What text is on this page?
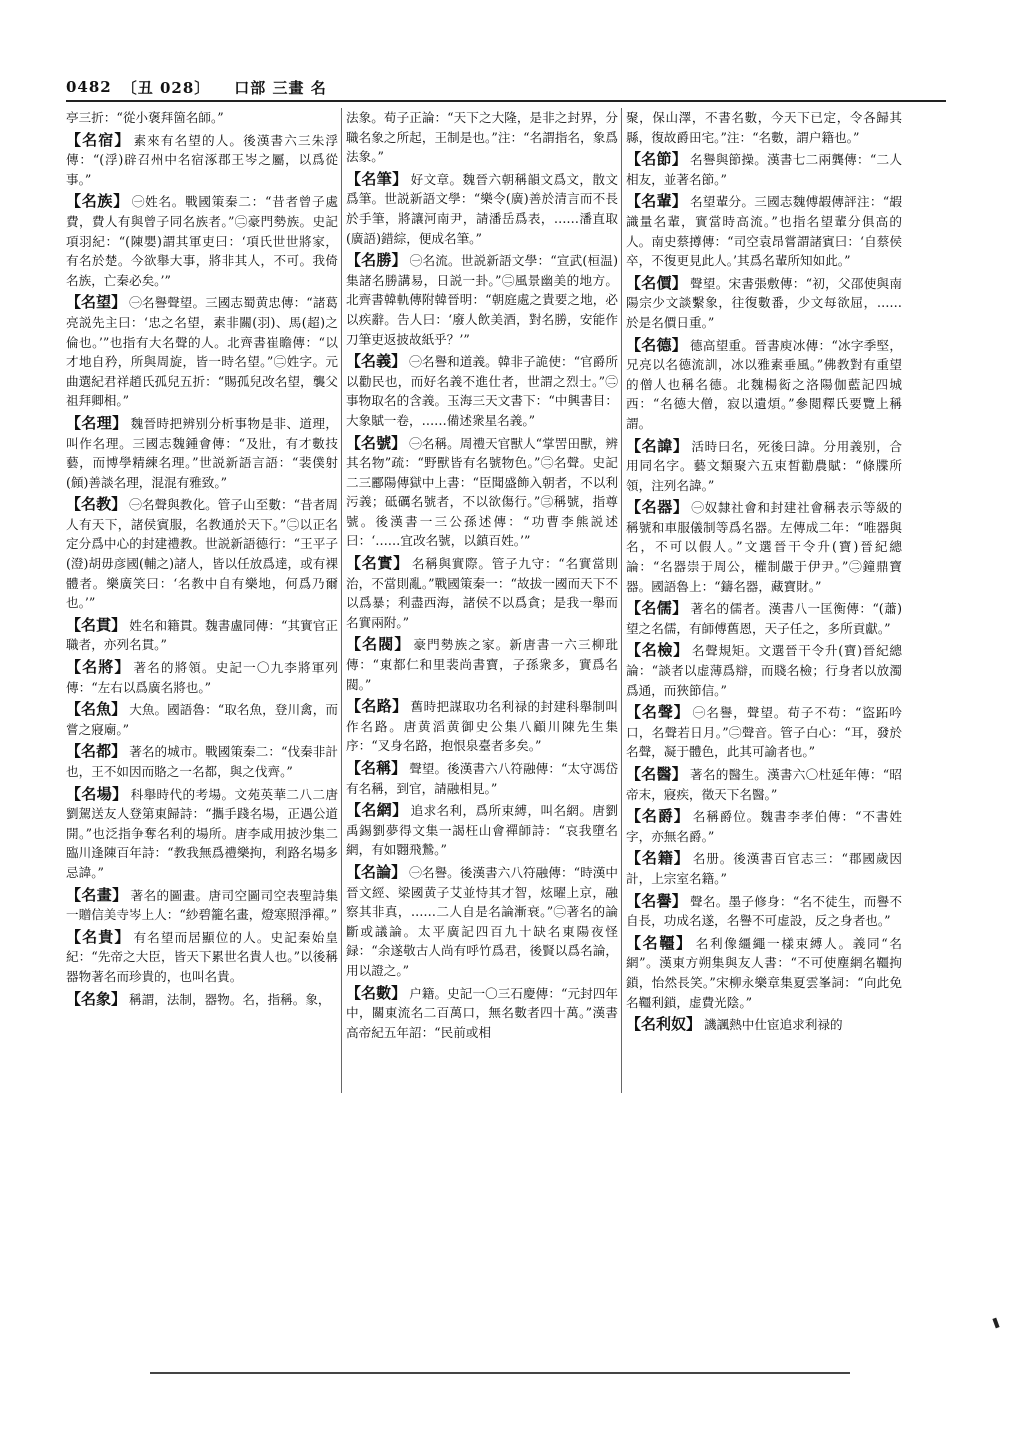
0482 〔丑 028〕 口部 三畫 名
亭三折：“從小褒拜箇名師。”
【名宿】 素來有名望的人。後漢書六三朱浮傳：“(浮)辟召州中名宿涿郡王岑之屬，以爲從事。”
【名族】 ㊀姓名。戰國策秦二：“昔者曾子處費，費人有與曾子同名族者。”㊁豪門勢族。史記項羽紀：“(陳嬰)謂其軍吏曰：‘項氏世世將家，有名於楚。今欲舉大事，將非其人，不可。我倚名族，亡秦必矣。’”
【名望】 ㊀名譽聲望。三國志蜀黄忠傳：“諸葛亮説先主曰：‘忠之名望，素非關(羽)、馬(超)之倫也。’”也指有大名聲的人。北齊書崔瞻傳：“以才地自矜，所與周旋，皆一時名望。”㊁姓字。元曲選紀君祥趙氏孤兒五折：“賜孤兒改名望，襲父祖拜卿相。”
【名理】 魏晉時把辨别分析事物是非、道理，叫作名理。三國志魏鍾會傳：“及壯，有才數技藝，而博學精練名理。”世説新語言語：“裴僕射(頠)善談名理，混混有雅致。”
【名教】 ㊀名聲與教化。管子山至數：“昔者周人有天下，諸侯賓服，名教通於天下。”㊁以正名定分爲中心的封建禮教。世説新語德行：“王平子(澄)胡毋彦國(輔之)諸人，皆以任放爲達，或有裸體者。樂廣笑曰：‘名教中自有樂地，何爲乃爾也。’”
【名貫】 姓名和籍貫。魏書盧同傳：“其實官正職者，亦列名貫。”
【名將】 著名的將領。史記一〇九李將軍列傳：“左右以爲廣名將也。”
【名魚】 大魚。國語魯：“取名魚，登川禽，而嘗之寢廟。”
【名都】 著名的城市。戰國策秦二：“伐秦非計也，王不如因而賂之一名都，與之伐齊。”
【名場】 科舉時代的考場。文苑英華二八二唐劉駕送友人登第東歸詩：“攜手踐名場，正遇公道開。”也泛指争奪名利的場所。唐李咸用披沙集二臨川逢陳百年詩：“教我無爲禮樂拘，利路名場多忌諱。”
【名畫】 著名的圖畫。唐司空圖司空表聖詩集一贈信美寺岑上人：“紗碧籠名畫，燈寒照淨禪。”
【名貴】 有名望而居顯位的人。史記秦始皇紀：“先帝之大臣，皆天下累世名貴人也。”以後稱器物著名而珍貴的，也叫名貴。
【名象】 稱謂，法制，器物。名，指稱。象，
法象。荀子正論：“天下之大隆，是非之封界，分職名象之所起，王制是也。”注：“名謂指名，象爲法象。”
【名筆】 好文章。魏晉六朝稱韻文爲文，散文爲筆。世説新語文學：“樂令(廣)善於清言而不長於手筆，將讓河南尹，請潘岳爲表，……潘直取(廣語)錯綜，便成名筆。”
【名勝】 ㊀名流。世説新語文學：“宣武(桓温)集諸名勝講易，日説一卦。”㊁風景幽美的地方。北齊書韓軌傳附韓晉明：“朝庭處之貴要之地，必以疾辭。告人曰：‘廢人飲美酒，對名勝，安能作刀筆吏返披故紙乎？’”
【名義】 ㊀名譽和道義。韓非子詭使：“官爵所以勸民也，而好名義不進仕者，世謂之烈士。”㊁事物取名的含義。玉海三天文書下：“中興書目：大象賦一卷，……備述衆星名義。”
【名號】 ㊀名稱。周禮天官獸人“掌罟田獸，辨其名物”疏：“野獸皆有名號物色。”㊁名聲。史記二三酈陽傳獄中上書：“臣聞盛飾入朝者，不以利污義；砥礪名號者，不以欲傷行。”㊂稱號，指尊號。後漢書一三公孫述傳：“功曹李熊説述曰：‘……宜改名號，以鎮百姓。’”
【名實】 名稱與實際。管子九守：“名實當則治，不當則亂。”戰國策秦一：“故拔一國而天下不以爲暴；利盡西海，諸侯不以爲貪；是我一舉而名實兩附。”
【名閥】 豪門勢族之家。新唐書一六三柳玭傳：“東都仁和里裴尚書寶，子孫衆多，實爲名閥。”
【名路】 舊時把謀取功名利禄的封建科舉制叫作名路。唐黄滔黄御史公集八顧川陳先生集序：“叉身名路，抱恨泉臺者多矣。”
【名稱】 聲望。後漢書六八符融傳：“太守馮岱有名稱，到官，請融相見。”
【名網】 追求名利，爲所束縛，叫名網。唐劉禹錫劉夢得文集一謁枉山會禪師詩：“哀我墮名網，有如翾飛鷙。”
【名論】 ㊀名譽。後漢書六八符融傳：“時漢中晉文經、梁國黄子艾並恃其才智，炫曜上京，融察其非真，……二人自是名論漸衰。”㊁著名的論斷或議論。太平廣記四百九十缺名東陽夜怪録：“余遂敬古人尚有呼竹爲君，後賢以爲名論，用以證之。”
【名數】 户籍。史記一〇三石慶傳：“元封四年中，關東流名二百萬口，無名數者四十萬。”漢書高帝紀五年詔：“民前或相
聚，保山澤，不書名數，今天下已定，令各歸其縣，復故爵田宅。”注：“名數，謂户籍也。”
【名節】 名譽與節操。漢書七二兩龔傳：“二人相友，並著名節。”
【名輩】 名望輩分。三國志魏傅嘏傳評注：“嘏識量名輩，實當時高流。”也指名望輩分俱高的人。南史蔡撙傳：“司空袁昂嘗謂諸賓曰：‘自蔡侯卒，不復更見此人。’其爲名輩所知如此。”
【名價】 聲望。宋書張敷傳：“初，父邵使與南陽宗少文談繫象，往復數番，少文每欲屈，……於是名價日重。”
【名德】 德高望重。晉書庾冰傳：“冰字季堅，兄亮以名德流訓，冰以雅素垂風。”佛教對有重望的僧人也稱名德。北魏楊衒之洛陽伽藍記四城西：“名德大僧，寂以遺煩。”參閲釋氏要覽上稱謂。
【名諱】 活時曰名，死後曰諱。分用義别，合用同名字。藝文類聚六五束皙勸農賦：“條牒所領，注列名諱。”
【名器】 ㊀奴隸社會和封建社會稱表示等級的稱號和車服儀制等爲名器。左傳成二年：“唯器與名，不可以假人。”文選晉干令升(寶)晉紀總論：“名器崇于周公，權制嚴于伊尹。”㊁鐘鼎寶器。國語魯上：“鑄名器，藏寶財。”
【名儒】 著名的儒者。漢書八一匡衡傳：“(蕭)望之名儒，有師傅舊恩，天子任之，多所貢獻。”
【名檢】 名聲規矩。文選晉干令升(寶)晉紀總論：“談者以虚薄爲辯，而賤名檢；行身者以放濁爲通，而狹節信。”
【名聲】 ㊀名譽，聲望。荀子不苟：“盜跖吟口，名聲若日月。”㊁聲音。管子白心：“耳，發於名聲，凝于體色，此其可諭者也。”
【名醫】 著名的醫生。漢書六〇杜延年傳：“昭帝末，寢疾，徵天下名醫。”
【名爵】 名稱爵位。魏書李孝伯傳：“不書姓字，亦無名爵。”
【名籍】 名册。後漢書百官志三：“郡國歲因計，上宗室名籍。”
【名譽】 聲名。墨子修身：“名不徒生，而譽不自長，功成名遂，名譽不可虚設，反之身者也。”
【名韁】 名利像繮繩一樣束縛人。義同“名網”。漢東方朔集與友人書：“不可使塵網名韁拘鎖，怡然長笑。”宋柳永樂章集夏雲峯詞：“向此免名韁利鎖，虚費光陰。”
【名利奴】 譏諷熱中仕宦追求利禄的
